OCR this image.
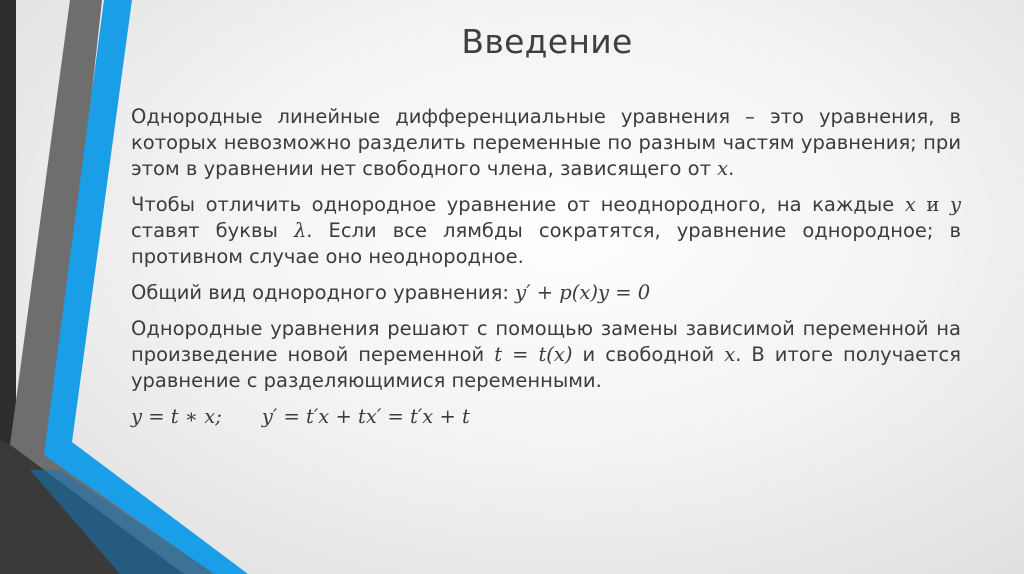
Введение

Однородные линейные дифференциальные уравнения – это уравнения, в которых невозможно разделить переменные по разным частям уравнения; при этом в уравнении нет свободного члена, зависящего от x.

Чтобы отличить однородное уравнение от неоднородного, на каждые x и y ставят буквы λ. Если все лямбды сократятся, уравнение однородное; в противном случае оно неоднородное.

Общий вид однородного уравнения: y′ + p(x)y = 0

Однородные уравнения решают с помощью замены зависимой переменной на произведение новой переменной t = t(x) и свободной x. В итоге получается уравнение с разделяющимися переменными.

y = t ∗ x; y′ = t′x + tx′ = t′x + t
